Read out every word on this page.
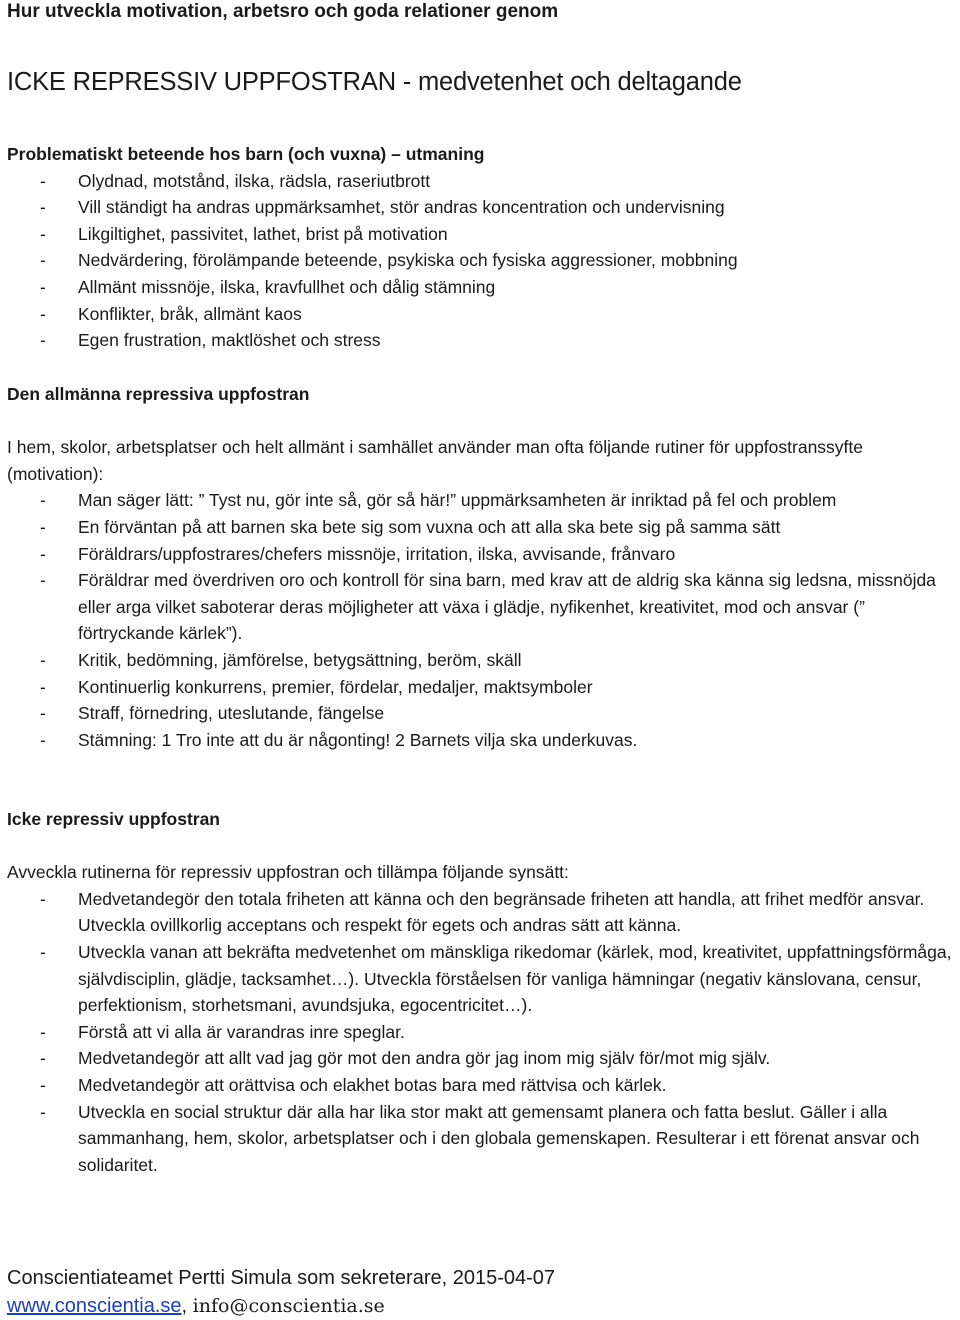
Hur utveckla motivation, arbetsro och goda relationer genom
ICKE REPRESSIV UPPFOSTRAN - medvetenhet och deltagande
Problematiskt beteende hos barn (och vuxna) – utmaning
- Olydnad, motstånd, ilska, rädsla, raseriutbrott
- Vill ständigt ha andras uppmärksamhet, stör andras koncentration och undervisning
- Likgiltighet, passivitet, lathet, brist på motivation
- Nedvärdering, förolämpande beteende, psykiska och fysiska aggressioner, mobbning
- Allmänt missnöje, ilska, kravfullhet och dålig stämning
- Konflikter, bråk, allmänt kaos
- Egen frustration, maktlöshet och stress
Den allmänna repressiva uppfostran
I hem, skolor, arbetsplatser och helt allmänt i samhället använder man ofta följande rutiner för uppfostranssyfte (motivation):
- Man säger lätt: ” Tyst nu, gör inte så, gör så här!” uppmärksamheten är inriktad på fel och problem
- En förväntan på att barnen ska bete sig som vuxna och att alla ska bete sig på samma sätt
- Föräldrars/uppfostrares/chefers missnöje, irritation, ilska, avvisande, frånvaro
- Föräldrar med överdriven oro och kontroll för sina barn, med krav att de aldrig ska känna sig ledsna, missnöjda eller arga vilket saboterar deras möjligheter att växa i glädje, nyfikenhet, kreativitet, mod och ansvar (” förtryckande kärlek”).
- Kritik, bedömning, jämförelse, betygsättning, beröm, skäll
- Kontinuerlig konkurrens, premier, fördelar, medaljer, maktsymboler
- Straff, förnedring, uteslutande, fängelse
- Stämning: 1 Tro inte att du är någonting! 2 Barnets vilja ska underkuvas.
Icke repressiv uppfostran
Avveckla rutinerna för repressiv uppfostran och tillämpa följande synsätt:
- Medvetandegör den totala friheten att känna och den begränsade friheten att handla, att frihet medför ansvar. Utveckla ovillkorlig acceptans och respekt för egets och andras sätt att känna.
- Utveckla vanan att bekräfta medvetenhet om mänskliga rikedomar (kärlek, mod, kreativitet, uppfattningsförmåga, självdisciplin, glädje, tacksamhet…). Utveckla förståelsen för vanliga hämningar (negativ känslovana, censur, perfektionism, storhetsmani, avundsjuka, egocentricitet…).
- Förstå att vi alla är varandras inre speglar.
- Medvetandegör att allt vad jag gör mot den andra gör jag inom mig själv för/mot mig själv.
- Medvetandegör att orättvisa och elakhet botas bara med rättvisa och kärlek.
- Utveckla en social struktur där alla har lika stor makt att gemensamt planera och fatta beslut. Gäller i alla sammanhang, hem, skolor, arbetsplatser och i den globala gemenskapen. Resulterar i ett förenat ansvar och solidaritet.
Conscientiateamet Pertti Simula som sekreterare, 2015-04-07
www.conscientia.se, info@conscientia.se
